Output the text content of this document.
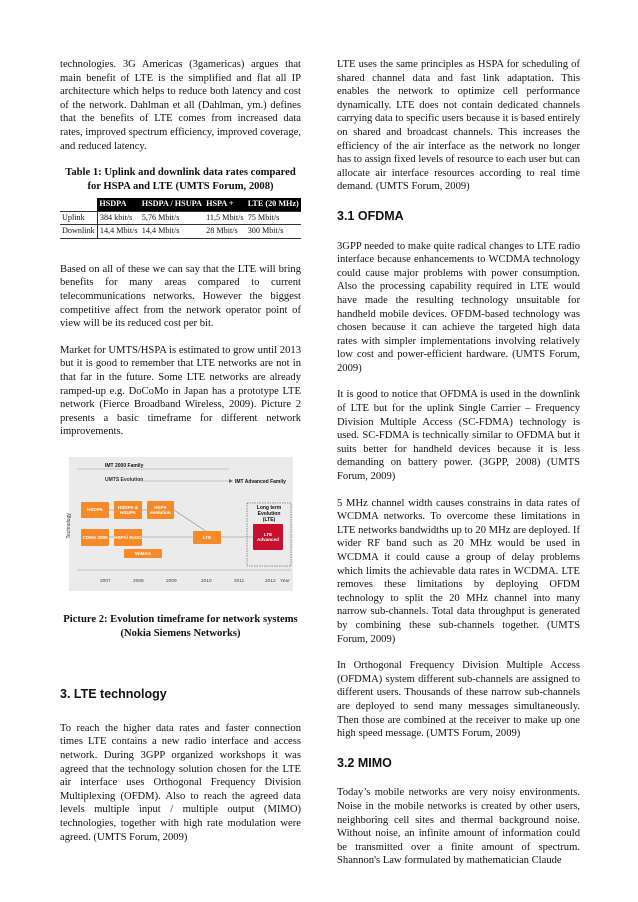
technologies. 3G Americas (3gamericas) argues that main benefit of LTE is the simplified and flat all IP architecture which helps to reduce both latency and cost of the network. Dahlman et all (Dahlman, ym.) defines that the benefits of LTE comes from increased data rates, improved spectrum efficiency, improved coverage, and reduced latency.

Table 1: Uplink and downlink data rates compared for HSPA and LTE (UMTS Forum, 2008)

	HSDPA	HSDPA / HSUPA	HSPA +	LTE (20 MHz)
Uplink	384 kbit/s	5,76 Mbit/s	11,5 Mbit/s	75 Mbit/s
Downlink	14,4 Mbit/s	14,4 Mbit/s	28 Mbit/s	300 Mbit/s

Based on all of these we can say that the LTE will bring benefits for many areas compared to current telecommunications networks. However the biggest competitive affect from the network operator point of view will be its reduced cost per bit.

Market for UMTS/HSPA is estimated to grow until 2013 but it is good to remember that LTE networks are not in that far in the future. Some LTE networks are already ramped-up e.g. DoCoMo in Japan has a prototype LTE network (Fierce Broadband Wireless, 2009). Picture 2 presents a basic timeframe for different network improvements.

IMT 2000 Family
UMTS Evolution	IMT Advanced Family
Technology
Long term Evolution (LTE)
HSDPA
HSDPA & HSUPA
HSPA evolution
CDMA 2000	HSPA/ EvDO	LTE
LTE Advanced
WiMAX
2007	2008	2009	2010	2011	2012 Year

Picture 2: Evolution timeframe for network systems (Nokia Siemens Networks)

3. LTE technology

To reach the higher data rates and faster connection times LTE contains a new radio interface and access network. During 3GPP organized workshops it was agreed that the technology solution chosen for the LTE air interface uses Orthogonal Frequency Division Multiplexing (OFDM). Also to reach the agreed data levels multiple input / multiple output (MIMO) technologies, together with high rate modulation were agreed. (UMTS Forum, 2009)

LTE uses the same principles as HSPA for scheduling of shared channel data and fast link adaptation. This enables the network to optimize cell performance dynamically. LTE does not contain dedicated channels carrying data to specific users because it is based entirely on shared and broadcast channels. This increases the efficiency of the air interface as the network no longer has to assign fixed levels of resource to each user but can allocate air interface resources according to real time demand. (UMTS Forum, 2009)

3.1 OFDMA

3GPP needed to make quite radical changes to LTE radio interface because enhancements to WCDMA technology could cause major problems with power consumption. Also the processing capability required in LTE would have made the resulting technology unsuitable for handheld mobile devices. OFDM-based technology was chosen because it can achieve the targeted high data rates with simpler implementations involving relatively low cost and power-efficient hardware. (UMTS Forum, 2009)

It is good to notice that OFDMA is used in the downlink of LTE but for the uplink Single Carrier – Frequency Division Multiple Access (SC-FDMA) technology is used. SC-FDMA is technically similar to OFDMA but it suits better for handheld devices because it is less demanding on battery power. (3GPP, 2008) (UMTS Forum, 2009)

5 MHz channel width causes constrains in data rates of WCDMA networks. To overcome these limitations in LTE networks bandwidths up to 20 MHz are deployed. If wider RF band such as 20 MHz would be used in WCDMA it could cause a group of delay problems which limits the achievable data rates in WCDMA. LTE removes these limitations by deploying OFDM technology to split the 20 MHz channel into many narrow sub-channels. Total data throughput is generated by combining these sub-channels together. (UMTS Forum, 2009)

In Orthogonal Frequency Division Multiple Access (OFDMA) system different sub-channels are assigned to different users. Thousands of these narrow sub-channels are deployed to send many messages simultaneously. Then those are combined at the receiver to make up one high speed message. (UMTS Forum, 2009)

3.2 MIMO

Today’s mobile networks are very noisy environments. Noise in the mobile networks is created by other users, neighboring cell sites and thermal background noise. Without noise, an infinite amount of information could be transmitted over a finite amount of spectrum. Shannon's Law formulated by mathematician Claude
